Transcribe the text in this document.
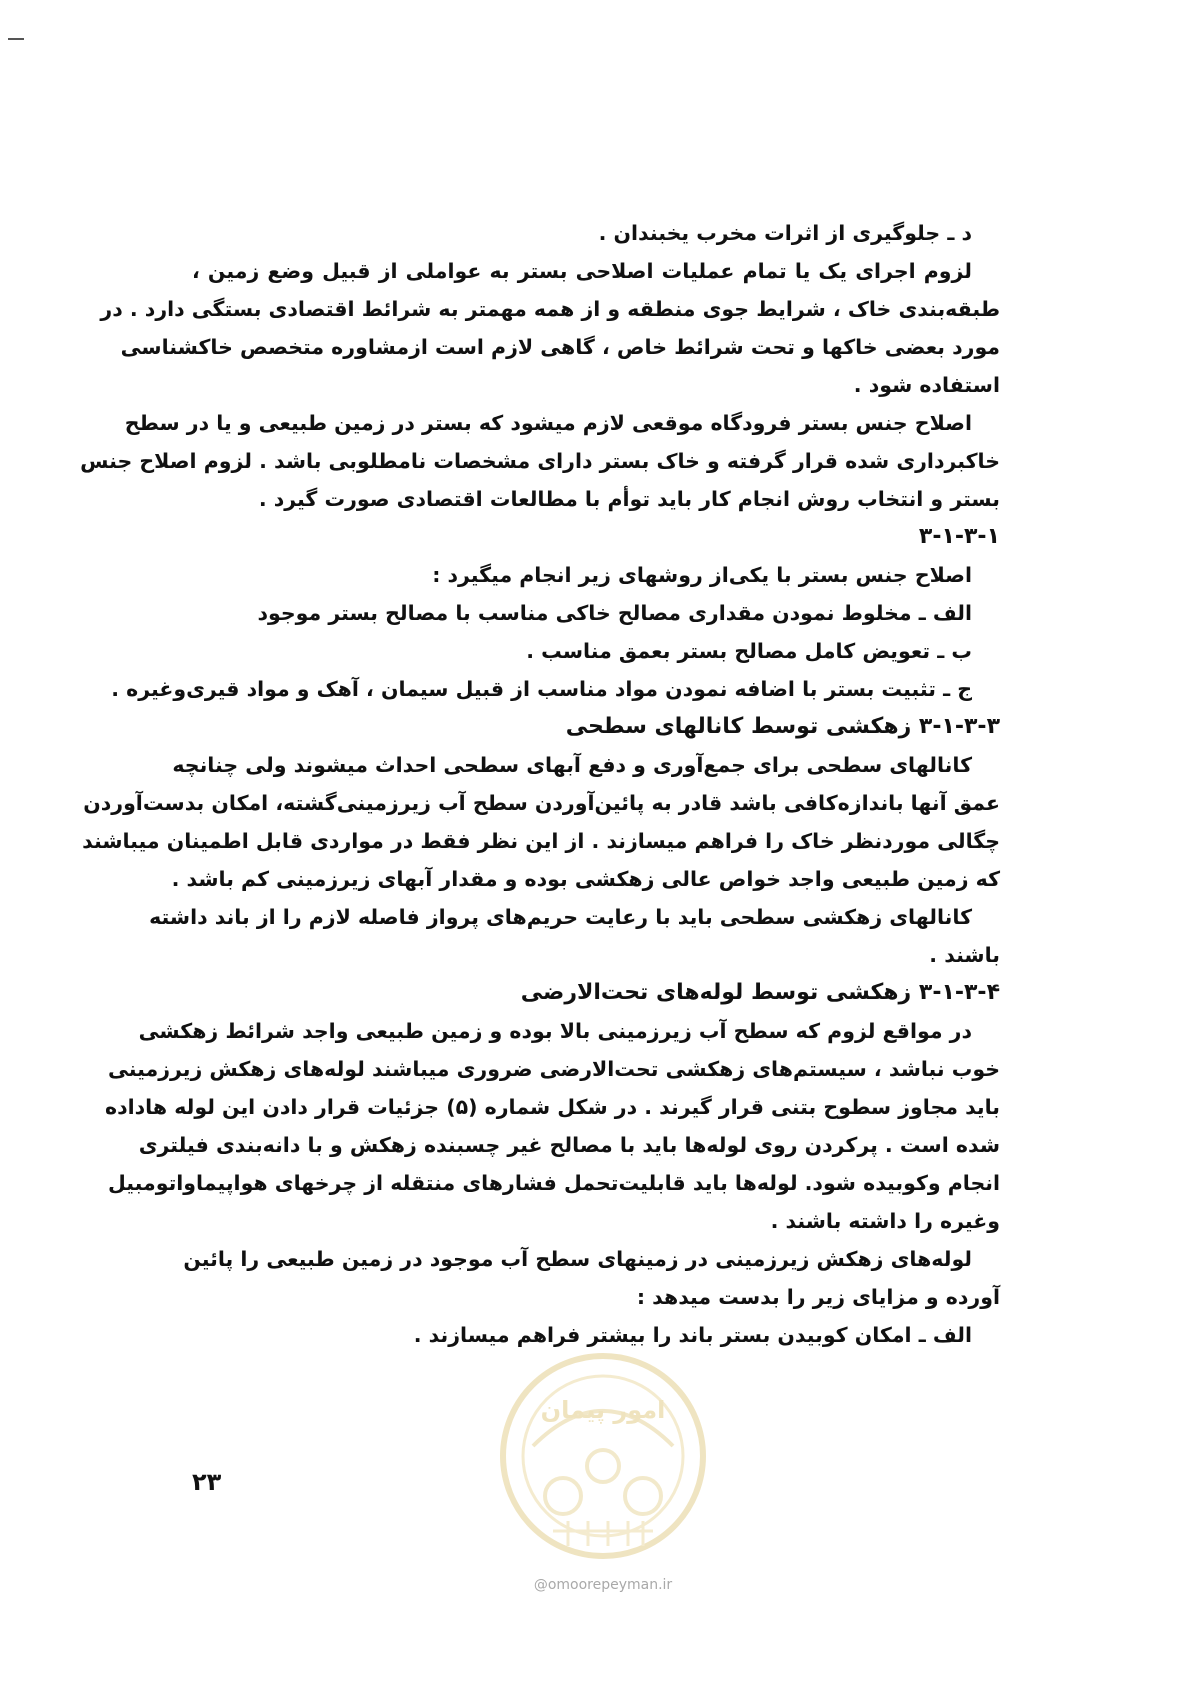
د ـ جلوگیری از اثرات مخرب یخبندان .
لزوم اجرای یک یا تمام عملیات اصلاحی بستر به عواملی از قبیل وضع زمین ،
طبقه‌بندی خاک ، شرایط جوی منطقه و از همه مهمتر به شرائط اقتصادی بستگی دارد . در
مورد بعضی خاکها و تحت شرائط خاص ، گاهی لازم است ازمشاوره متخصص خاکشناسی
استفاده شود .
اصلاح جنس بستر فرودگاه موقعی لازم میشود که بستر در زمین طبیعی و یا در سطح
خاکبرداری شده قرار گرفته و خاک بستر دارای مشخصات نامطلوبی باشد . لزوم اصلاح جنس
بستر و انتخاب روش انجام کار باید توأم با مطالعات اقتصادی صورت گیرد .
۳-۱-۳-۱
اصلاح جنس بستر با یکی‌از روشهای زیر انجام میگیرد :
الف ـ مخلوط نمودن مقداری مصالح خاکی مناسب با مصالح بستر موجود
ب ـ تعویض کامل مصالح بستر بعمق مناسب .
ج ـ تثبیت بستر با اضافه نمودن مواد مناسب از قبیل سیمان ، آهک و مواد قیری‌وغیره .
۳-۱-۳-۳ زهکشی توسط کانالهای سطحی
کانالهای سطحی برای جمع‌آوری و دفع آبهای سطحی احداث میشوند ولی چنانچه
عمق آنها باندازه‌کافی باشد قادر به پائین‌آوردن سطح آب زیرزمینی‌گشته، امکان بدست‌آوردن
چگالی موردنظر خاک را فراهم میسازند . از این نظر فقط در مواردی قابل اطمینان میباشند
که زمین طبیعی واجد خواص عالی زهکشی بوده و مقدار آبهای زیرزمینی کم باشد .
کانالهای زهکشی سطحی باید با رعایت حریم‌های پرواز فاصله لازم را از باند داشته
باشند .
۳-۱-۳-۴ زهکشی توسط لوله‌های تحت‌الارضی
در مواقع لزوم که سطح آب زیرزمینی بالا بوده و زمین طبیعی واجد شرائط زهکشی
خوب نباشد ، سیستم‌های زهکشی تحت‌الارضی ضروری میباشند لوله‌های زهکش زیرزمینی
باید مجاوز سطوح بتنی قرار گیرند . در شکل شماره (۵) جزئیات قرار دادن این لوله هاداده
شده است . پرکردن روی لوله‌ها باید با مصالح غیر چسبنده زهکش و با دانه‌بندی فیلتری
انجام وکوبیده شود. لوله‌ها باید قابلیت‌تحمل فشارهای منتقله از چرخهای هواپیماواتومبیل
وغیره را داشته باشند .
لوله‌های زهکش زیرزمینی در زمینهای سطح آب موجود در زمین طبیعی را پائین
آورده و مزایای زیر را بدست میدهد :
الف ـ امکان کوبیدن بستر باند را بیشتر فراهم میسازند .
۲۳
امور پیمان
@omoorepeyman.ir
